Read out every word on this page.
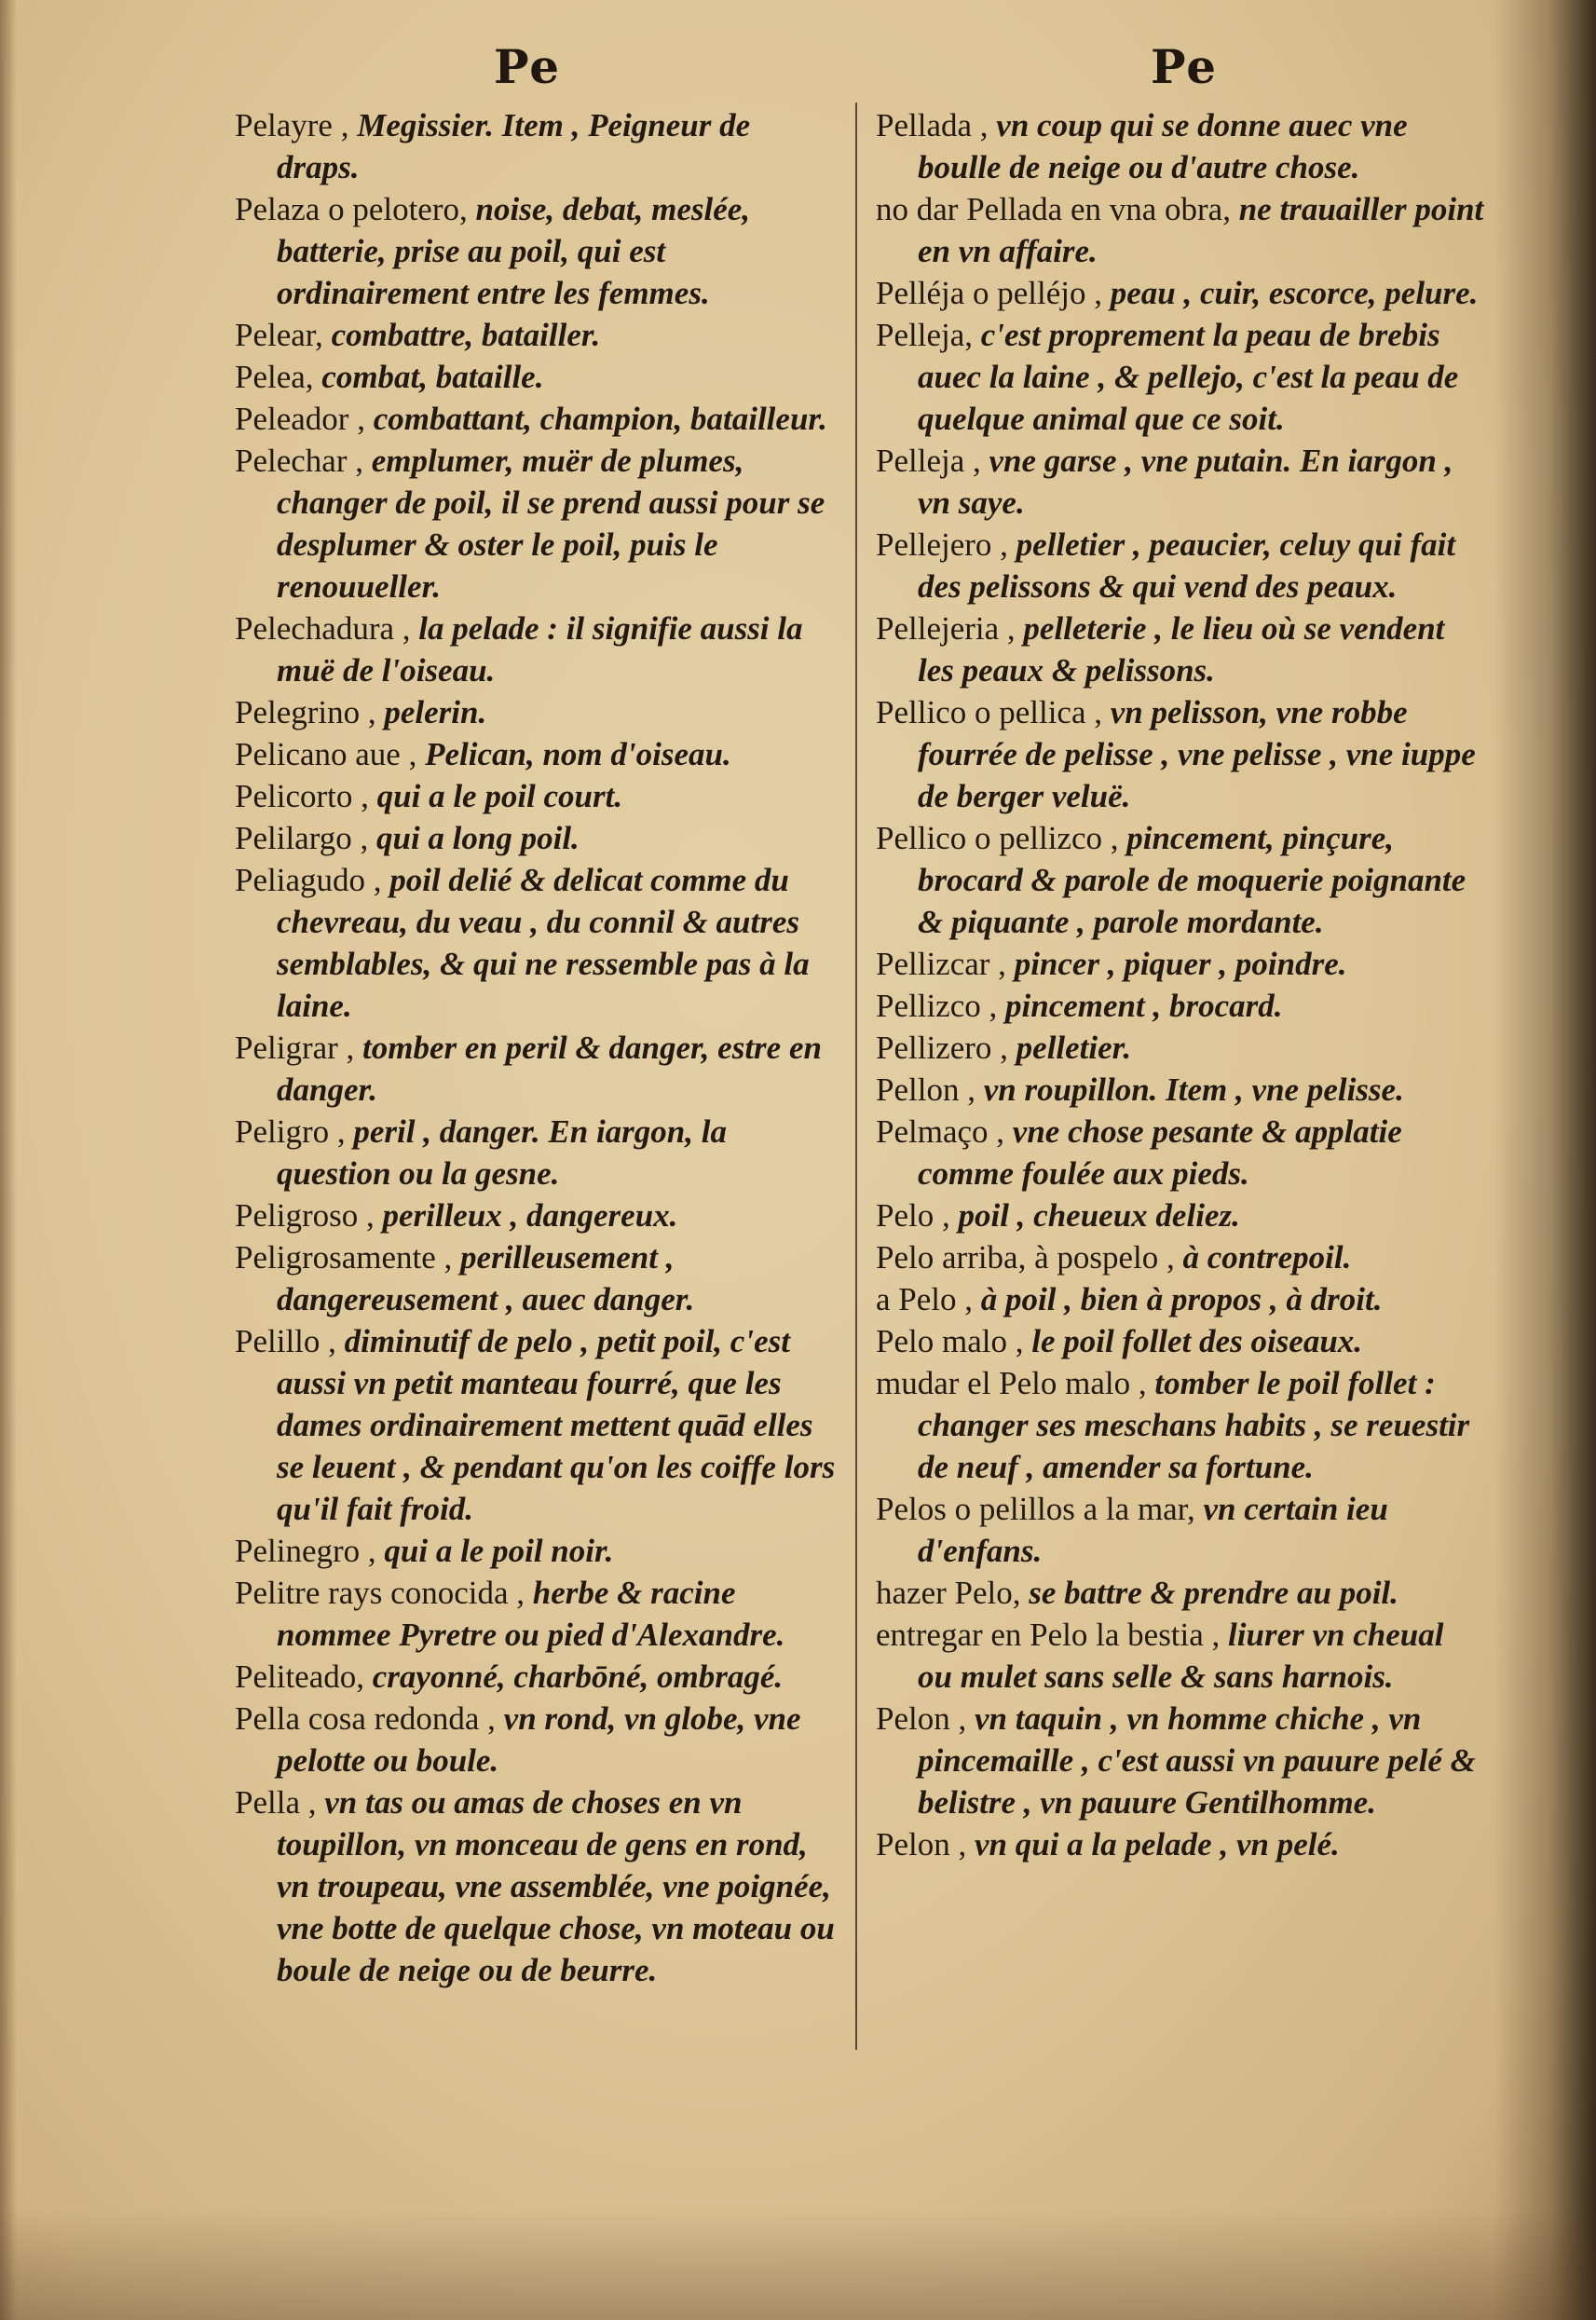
Pe	Pe
Pelayre , Megissier. Item , Peigneur de draps.
Pelaza o pelotero, noise, debat, meslée, batterie, prise au poil, qui est ordinairement entre les femmes.
Pelear, combattre, batailler.
Pelea, combat, bataille.
Peleador , combattant, champion, batailleur.
Pelechar , emplumer, muër de plumes, changer de poil, il se prend aussi pour se desplumer & oster le poil, puis le renouueller.
Pelechadura , la pelade : il signifie aussi la muë de l'oiseau.
Pelegrino , pelerin.
Pelicano aue , Pelican, nom d'oiseau.
Pelicorto , qui a le poil court.
Pelilargo , qui a long poil.
Peliagudo , poil delié & delicat comme du chevreau, du veau , du connil & autres semblables, & qui ne ressemble pas à la laine.
Peligrar , tomber en peril & danger, estre en danger.
Peligro , peril , danger. En iargon, la question ou la gesne.
Peligroso , perilleux , dangereux.
Peligrosamente , perilleusement , dangereusement , auec danger.
Pelillo , diminutif de pelo , petit poil, c'est aussi vn petit manteau fourré, que les dames ordinairement mettent quād elles se leuent , & pendant qu'on les coiffe lors qu'il fait froid.
Pelinegro , qui a le poil noir.
Pelitre rays conocida , herbe & racine nommee Pyretre ou pied d'Alexandre.
Peliteado, crayonné, charbōné, ombragé.
Pella cosa redonda , vn rond, vn globe, vne pelotte ou boule.
Pella , vn tas ou amas de choses en vn toupillon, vn monceau de gens en rond, vn troupeau, vne assemblée, vne poignée, vne botte de quelque chose, vn moteau ou boule de neige ou de beurre.
Pellada , vn coup qui se donne auec vne boulle de neige ou d'autre chose.
no dar Pellada en vna obra, ne trauailler point en vn affaire.
Pelléja o pelléjo , peau , cuir, escorce, pelure.
Pelleja, c'est proprement la peau de brebis auec la laine , & pellejo, c'est la peau de quelque animal que ce soit.
Pelleja , vne garse , vne putain. En iargon , vn saye.
Pellejero , pelletier , peaucier, celuy qui fait des pelissons & qui vend des peaux.
Pellejeria , pelleterie , le lieu où se vendent les peaux & pelissons.
Pellico o pellica , vn pelisson, vne robbe fourrée de pelisse , vne pelisse , vne iuppe de berger veluë.
Pellico o pellizco , pincement, pinçure, brocard & parole de moquerie poignante & piquante , parole mordante.
Pellizcar , pincer , piquer , poindre.
Pellizco , pincement , brocard.
Pellizero , pelletier.
Pellon , vn roupillon. Item , vne pelisse.
Pelmaço , vne chose pesante & applatie comme foulée aux pieds.
Pelo , poil , cheueux deliez.
Pelo arriba, à pospelo , à contrepoil.
a Pelo , à poil , bien à propos , à droit.
Pelo malo , le poil follet des oiseaux.
mudar el Pelo malo , tomber le poil follet : changer ses meschans habits , se reuestir de neuf , amender sa fortune.
Pelos o pelillos a la mar, vn certain ieu d'enfans.
hazer Pelo, se battre & prendre au poil.
entregar en Pelo la bestia , liurer vn cheual ou mulet sans selle & sans harnois.
Pelon , vn taquin , vn homme chiche , vn pincemaille , c'est aussi vn pauure pelé & belistre , vn pauure Gentilhomme.
Pelon , vn qui a la pelade , vn pelé.
